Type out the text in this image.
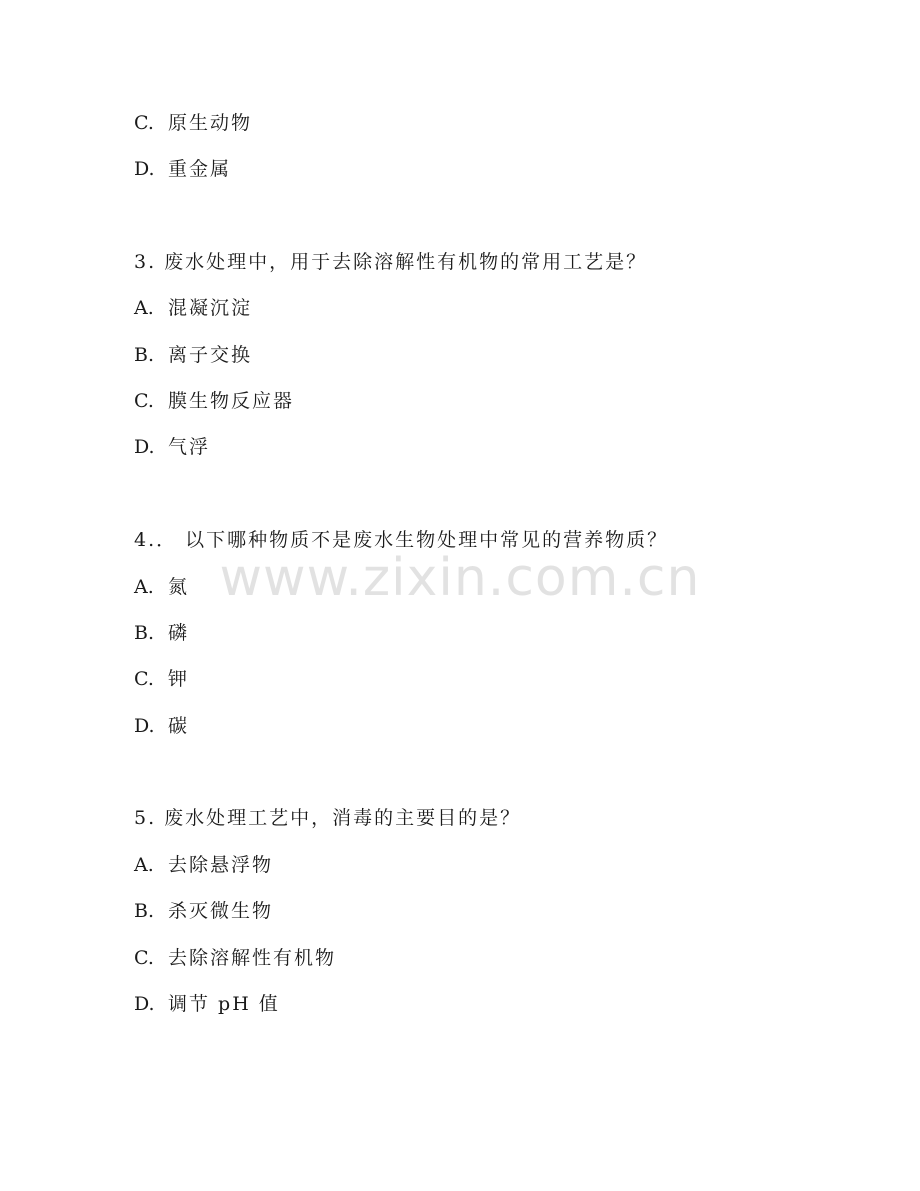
C. 原生动物
D. 重金属
3. 废水处理中，用于去除溶解性有机物的常用工艺是？
A. 混凝沉淀
B. 离子交换
C. 膜生物反应器
D. 气浮
4.． 以下哪种物质不是废水生物处理中常见的营养物质？
A. 氮
B. 磷
C. 钾
D. 碳
5. 废水处理工艺中，消毒的主要目的是？
A. 去除悬浮物
B. 杀灭微生物
C. 去除溶解性有机物
D. 调节 pH 值
www.zixin.com.cn
